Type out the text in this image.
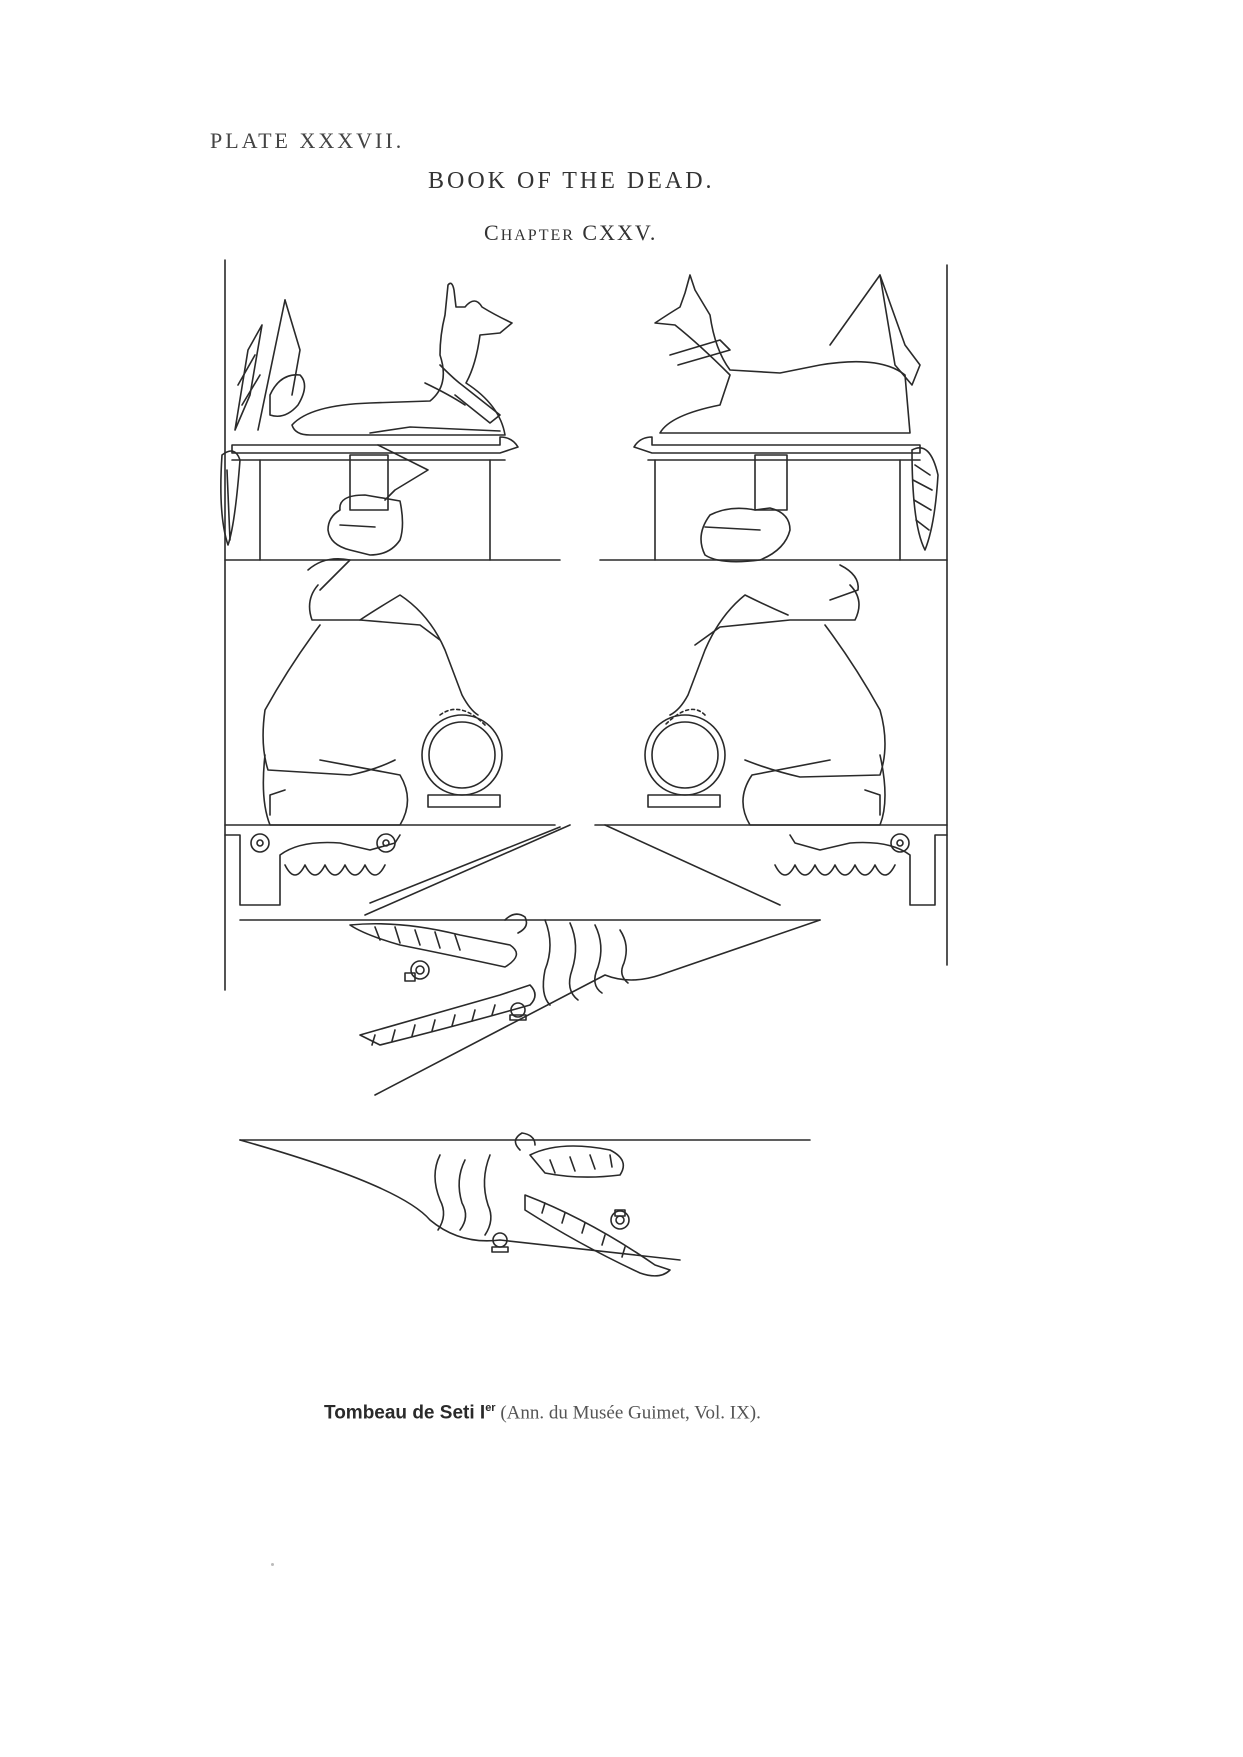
PLATE XXXVII.
BOOK OF THE DEAD.
CHAPTER CXXV.
Tombeau de Seti Ier (Ann. du Musée Guimet, Vol. IX).
